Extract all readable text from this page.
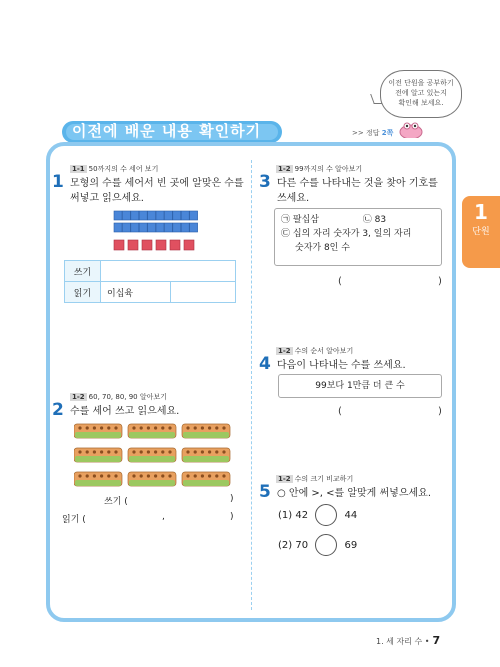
이전 단원을 공부하기
전에 알고 있는지
확인해 보세요.
이전에 배운 내용 확인하기	>> 정답 2쪽
1
단원
1-1 50까지의 수 세어 보기
1 모형의 수를 세어서 빈 곳에 알맞은 수를
써넣고 읽으세요.
쓰기		
읽기	이십육	
1-2 60, 70, 80, 90 알아보기
2 수를 세어 쓰고 읽으세요.
쓰기 (	)
읽기 (	,	)
1-2 99까지의 수 알아보기
3 다른 수를 나타내는 것을 찾아 기호를
쓰세요.
㉠ 팔십삼	㉡ 83
㉢ 십의 자리 숫자가 3, 일의 자리
숫자가 8인 수
(	)
1-2 수의 순서 알아보기
4 다음이 나타내는 수를 쓰세요.
99보다 1만큼 더 큰 수
(	)
1-2 수의 크기 비교하기
5 ○ 안에 >, <를 알맞게 써넣으세요.
(1) 42	44
(2) 70	69
1. 세 자리 수 • 7
